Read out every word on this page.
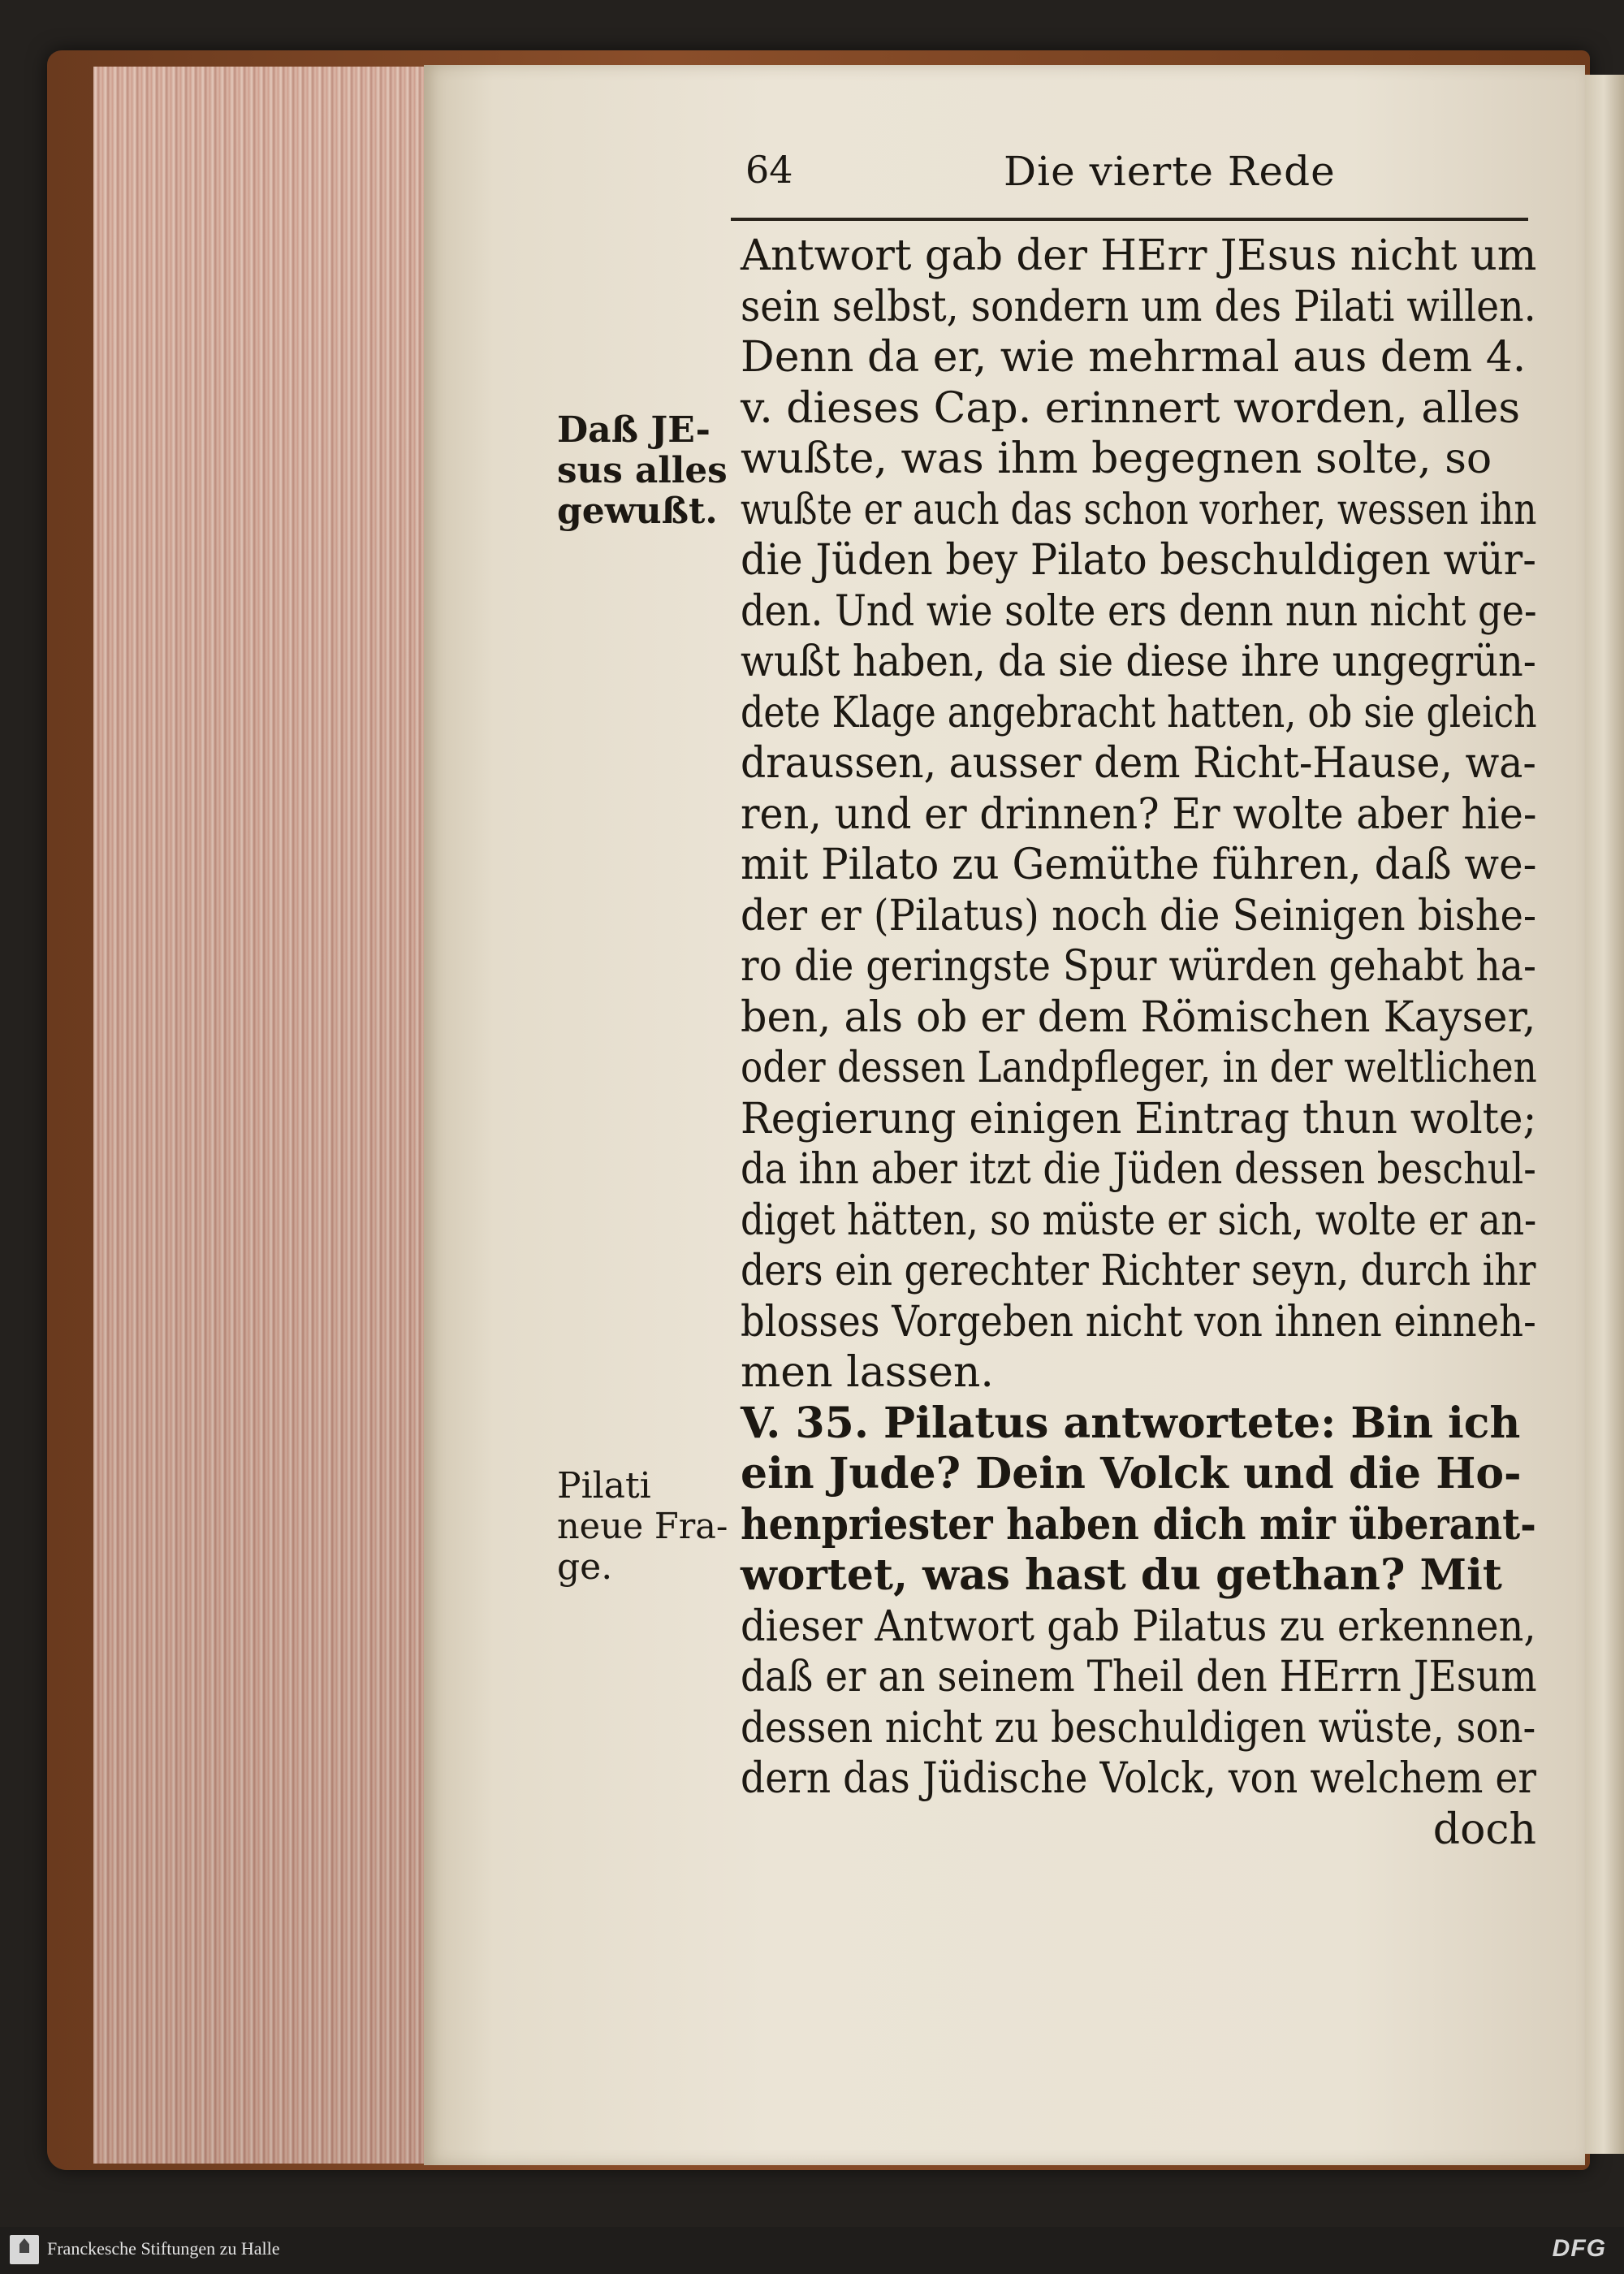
64	Die vierte Rede
Daß JE-
sus alles
gewußt.
Pilati
neue Fra-
ge.
Antwort gab der HErr JEsus nicht um
sein selbst, sondern um des Pilati willen.
Denn da er, wie mehrmal aus dem 4.
v. dieses Cap. erinnert worden, alles
wußte, was ihm begegnen solte, so
wußte er auch das schon vorher, wessen ihn
die Jüden bey Pilato beschuldigen wür-
den. Und wie solte ers denn nun nicht ge-
wußt haben, da sie diese ihre ungegrün-
dete Klage angebracht hatten, ob sie gleich
draussen, ausser dem Richt-Hause, wa-
ren, und er drinnen? Er wolte aber hie-
mit Pilato zu Gemüthe führen, daß we-
der er (Pilatus) noch die Seinigen bishe-
ro die geringste Spur würden gehabt ha-
ben, als ob er dem Römischen Kayser,
oder dessen Landpfleger, in der weltlichen
Regierung einigen Eintrag thun wolte;
da ihn aber itzt die Jüden dessen beschul-
diget hätten, so müste er sich, wolte er an-
ders ein gerechter Richter seyn, durch ihr
blosses Vorgeben nicht von ihnen einneh-
men lassen.
V. 35. Pilatus antwortete: Bin ich
ein Jude? Dein Volck und die Ho-
henpriester haben dich mir überant-
wortet, was hast du gethan? Mit
dieser Antwort gab Pilatus zu erkennen,
daß er an seinem Theil den HErrn JEsum
dessen nicht zu beschuldigen wüste, son-
dern das Jüdische Volck, von welchem er
doch
Franckesche Stiftungen zu Halle	DFG
